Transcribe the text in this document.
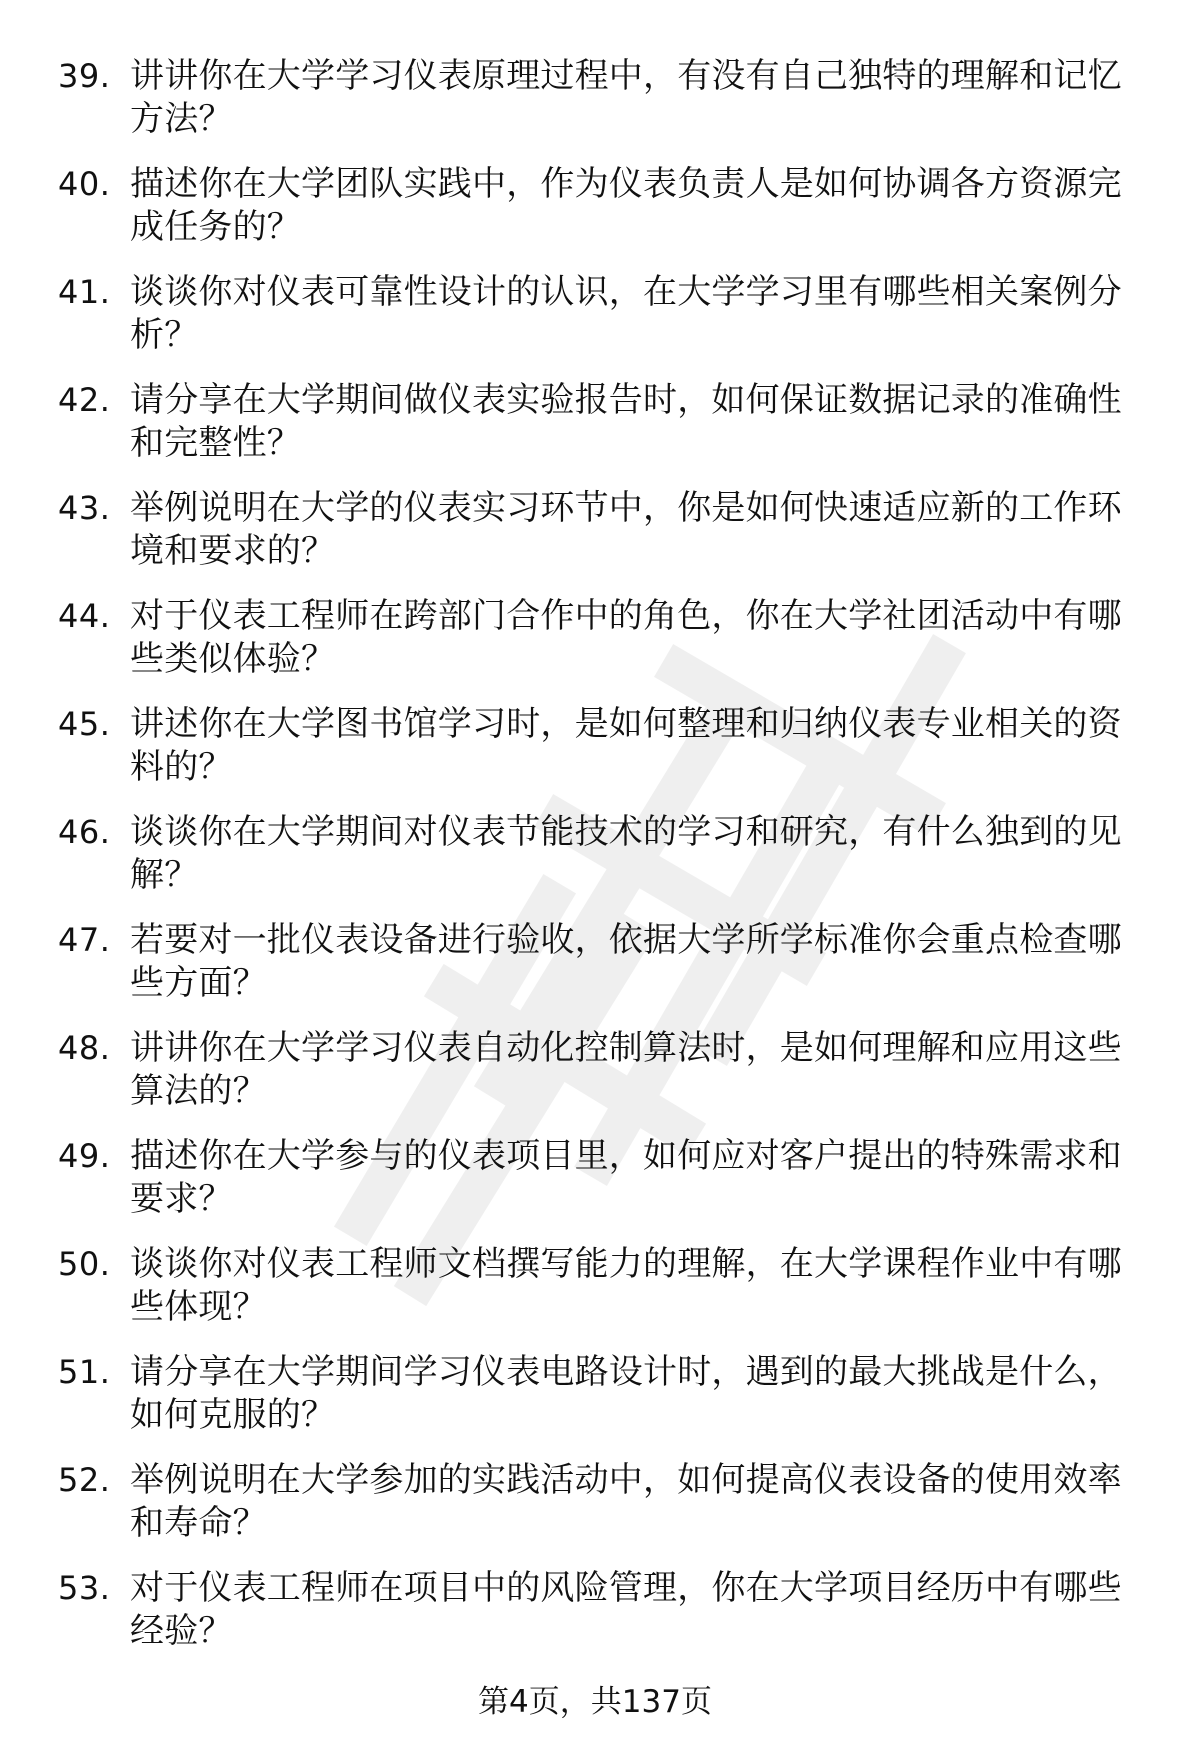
39. 讲讲你在大学学习仪表原理过程中，有没有自己独特的理解和记忆方法？
40. 描述你在大学团队实践中，作为仪表负责人是如何协调各方资源完成任务的？
41. 谈谈你对仪表可靠性设计的认识，在大学学习里有哪些相关案例分析？
42. 请分享在大学期间做仪表实验报告时，如何保证数据记录的准确性和完整性？
43. 举例说明在大学的仪表实习环节中，你是如何快速适应新的工作环境和要求的？
44. 对于仪表工程师在跨部门合作中的角色，你在大学社团活动中有哪些类似体验？
45. 讲述你在大学图书馆学习时，是如何整理和归纳仪表专业相关的资料的？
46. 谈谈你在大学期间对仪表节能技术的学习和研究，有什么独到的见解？
47. 若要对一批仪表设备进行验收，依据大学所学标准你会重点检查哪些方面？
48. 讲讲你在大学学习仪表自动化控制算法时，是如何理解和应用这些算法的？
49. 描述你在大学参与的仪表项目里，如何应对客户提出的特殊需求和要求？
50. 谈谈你对仪表工程师文档撰写能力的理解，在大学课程作业中有哪些体现？
51. 请分享在大学期间学习仪表电路设计时，遇到的最大挑战是什么，如何克服的？
52. 举例说明在大学参加的实践活动中，如何提高仪表设备的使用效率和寿命？
53. 对于仪表工程师在项目中的风险管理，你在大学项目经历中有哪些经验？
第4页，共137页
